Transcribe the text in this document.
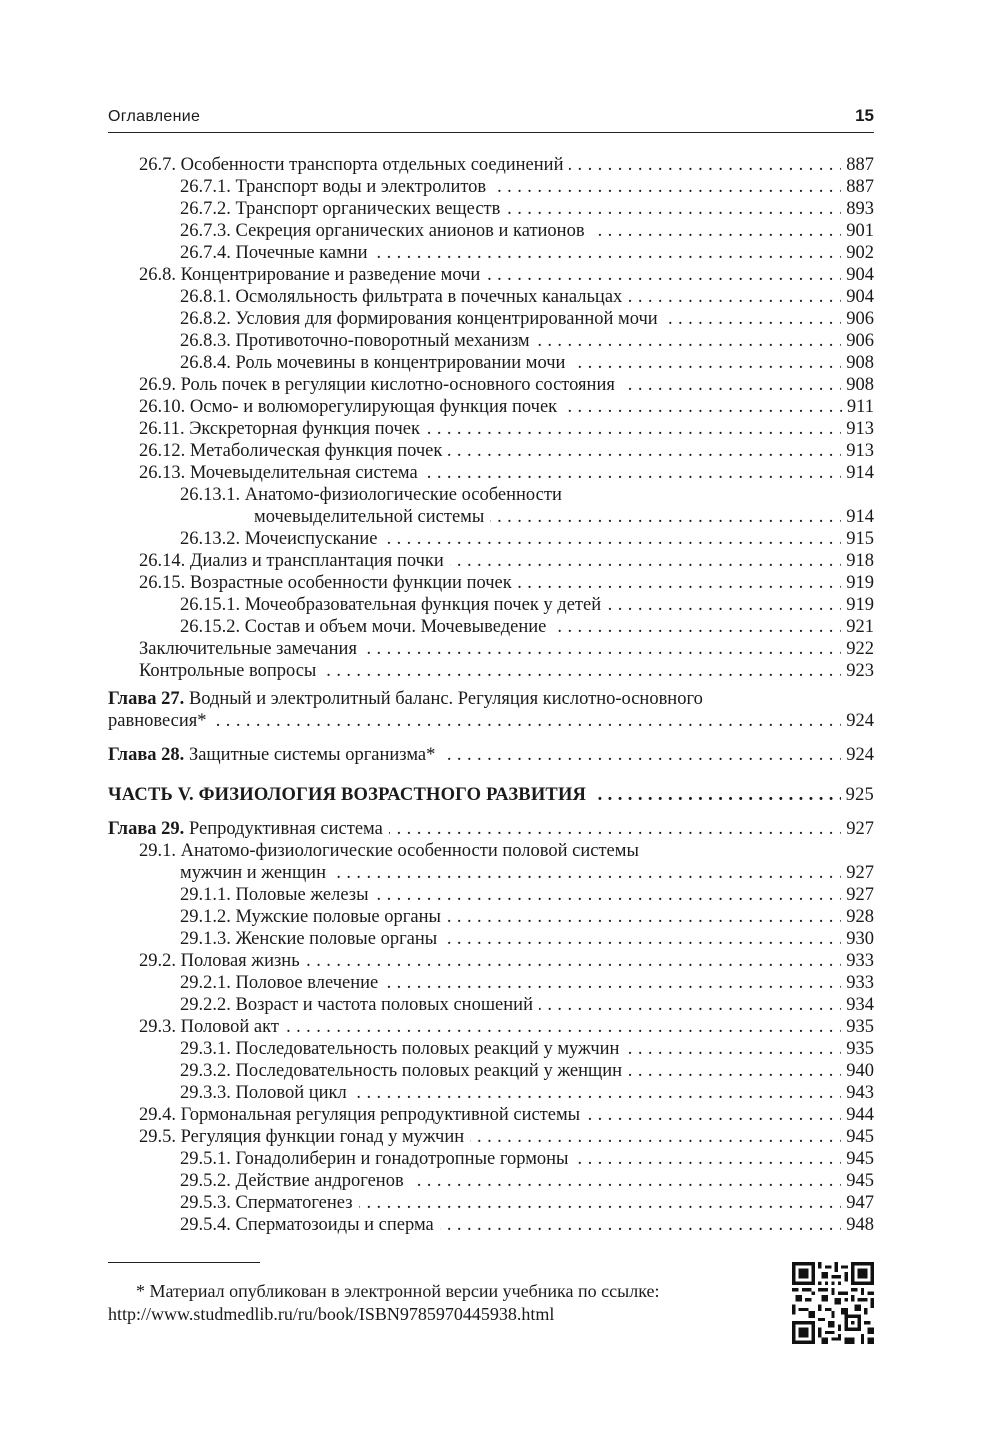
Оглавление	15
26.7. Особенности транспорта отдельных соединений	887
. . .
26.7.1. Транспорт воды и электролитов	887
. . .
26.7.2. Транспорт органических веществ	893
. . .
26.7.3. Секреция органических анионов и катионов	901
. . .
26.7.4. Почечные камни	902
. . .
26.8. Концентрирование и разведение мочи	904
. . .
26.8.1. Осмоляльность фильтрата в почечных канальцах	904
. . .
26.8.2. Условия для формирования концентрированной мочи	906
. . .
26.8.3. Противоточно-поворотный механизм	906
. . .
26.8.4. Роль мочевины в концентрировании мочи	908
. . .
26.9. Роль почек в регуляции кислотно-основного состояния	908
. . .
26.10. Осмо- и волюморегулирующая функция почек	911
. . .
26.11. Экскреторная функция почек	913
. . .
26.12. Метаболическая функция почек	913
. . .
26.13. Мочевыделительная система	914
. . .
26.13.1. Анатомо-физиологические особенности
мочевыделительной системы	914
. . .
26.13.2. Мочеиспускание	915
. . .
26.14. Диализ и трансплантация почки	918
. . .
26.15. Возрастные особенности функции почек	919
. . .
26.15.1. Мочеобразовательная функция почек у детей	919
. . .
26.15.2. Состав и объем мочи. Мочевыведение	921
. . .
Заключительные замечания	922
. . .
Контрольные вопросы	923
. . .
Глава 27. Водный и электролитный баланс. Регуляция кислотно-основного
равновесия*	924
. . .
Глава 28. Защитные системы организма*	924
. . .
ЧАСТЬ V. ФИЗИОЛОГИЯ ВОЗРАСТНОГО РАЗВИТИЯ	925
. . .
Глава 29. Репродуктивная система	927
. . .
29.1. Анатомо-физиологические особенности половой системы
мужчин и женщин	927
. . .
29.1.1. Половые железы	927
. . .
29.1.2. Мужские половые органы	928
. . .
29.1.3. Женские половые органы	930
. . .
29.2. Половая жизнь	933
. . .
29.2.1. Половое влечение	933
. . .
29.2.2. Возраст и частота половых сношений	934
. . .
29.3. Половой акт	935
. . .
29.3.1. Последовательность половых реакций у мужчин	935
. . .
29.3.2. Последовательность половых реакций у женщин	940
. . .
29.3.3. Половой цикл	943
. . .
29.4. Гормональная регуляция репродуктивной системы	944
. . .
29.5. Регуляция функции гонад у мужчин	945
. . .
29.5.1. Гонадолиберин и гонадотропные гормоны	945
. . .
29.5.2. Действие андрогенов	945
. . .
29.5.3. Сперматогенез	947
. . .
29.5.4. Сперматозоиды и сперма	948
. . .
* Материал опубликован в электронной версии учебника по ссылке:
http://www.studmedlib.ru/ru/book/ISBN9785970445938.html
